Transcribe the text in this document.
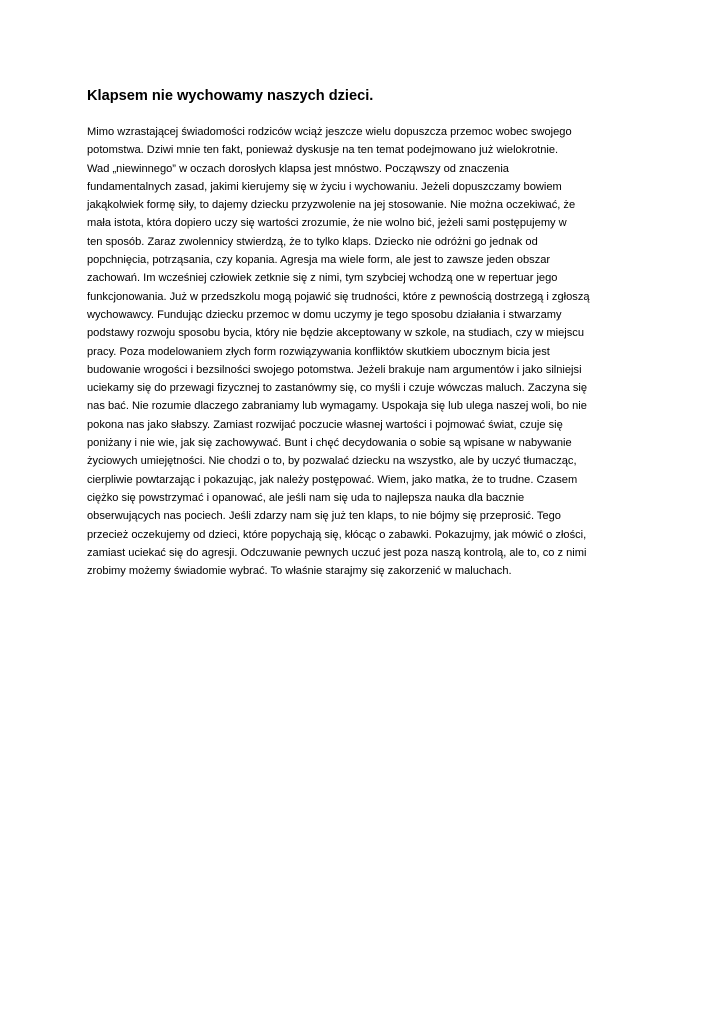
Klapsem nie wychowamy naszych dzieci.
Mimo wzrastającej świadomości rodziców wciąż jeszcze wielu dopuszcza przemoc wobec swojego
potomstwa. Dziwi mnie ten fakt, ponieważ dyskusje na ten temat podejmowano już wielokrotnie.
Wad „niewinnego” w oczach dorosłych klapsa jest mnóstwo. Począwszy od znaczenia
fundamentalnych zasad, jakimi kierujemy się w życiu i wychowaniu. Jeżeli dopuszczamy bowiem
jakąkolwiek formę siły, to dajemy dziecku przyzwolenie na jej stosowanie. Nie można oczekiwać, że
mała istota, która dopiero uczy się wartości zrozumie, że nie wolno bić, jeżeli sami postępujemy w
ten sposób. Zaraz zwolennicy stwierdzą, że to tylko klaps. Dziecko nie odróżni go jednak od
popchnięcia, potrząsania, czy kopania. Agresja ma wiele form, ale jest to zawsze jeden obszar
zachowań. Im wcześniej człowiek zetknie się z nimi, tym szybciej wchodzą one w repertuar jego
funkcjonowania. Już w przedszkolu mogą pojawić się trudności, które z pewnością dostrzegą i zgłoszą
wychowawcy. Fundując dziecku przemoc w domu uczymy je tego sposobu działania i stwarzamy
podstawy rozwoju sposobu bycia, który nie będzie akceptowany w szkole, na studiach, czy w miejscu
pracy. Poza modelowaniem złych form rozwiązywania konfliktów skutkiem ubocznym bicia jest
budowanie wrogości i bezsilności swojego potomstwa. Jeżeli brakuje nam argumentów i jako silniejsi
uciekamy się do przewagi fizycznej to zastanówmy się, co myśli i czuje wówczas maluch. Zaczyna się
nas bać. Nie rozumie dlaczego zabraniamy lub wymagamy. Uspokaja się lub ulega naszej woli, bo nie
pokona nas jako słabszy. Zamiast rozwijać poczucie własnej wartości i pojmować świat, czuje się
poniżany i nie wie, jak się zachowywać. Bunt i chęć decydowania o sobie są wpisane w nabywanie
życiowych umiejętności. Nie chodzi o to, by pozwalać dziecku na wszystko, ale by uczyć tłumacząc,
cierpliwie powtarzając i pokazując, jak należy postępować. Wiem, jako matka, że to trudne. Czasem
ciężko się powstrzymać i opanować, ale jeśli nam się uda to najlepsza nauka dla bacznie
obserwujących nas pociech. Jeśli zdarzy nam się już ten klaps, to nie bójmy się przeprosić. Tego
przecież oczekujemy od dzieci, które popychają się, kłócąc o zabawki. Pokazujmy, jak mówić o złości,
zamiast uciekać się do agresji. Odczuwanie pewnych uczuć jest poza naszą kontrolą, ale to, co z nimi
zrobimy możemy świadomie wybrać. To właśnie starajmy się zakorzenić w maluchach.
